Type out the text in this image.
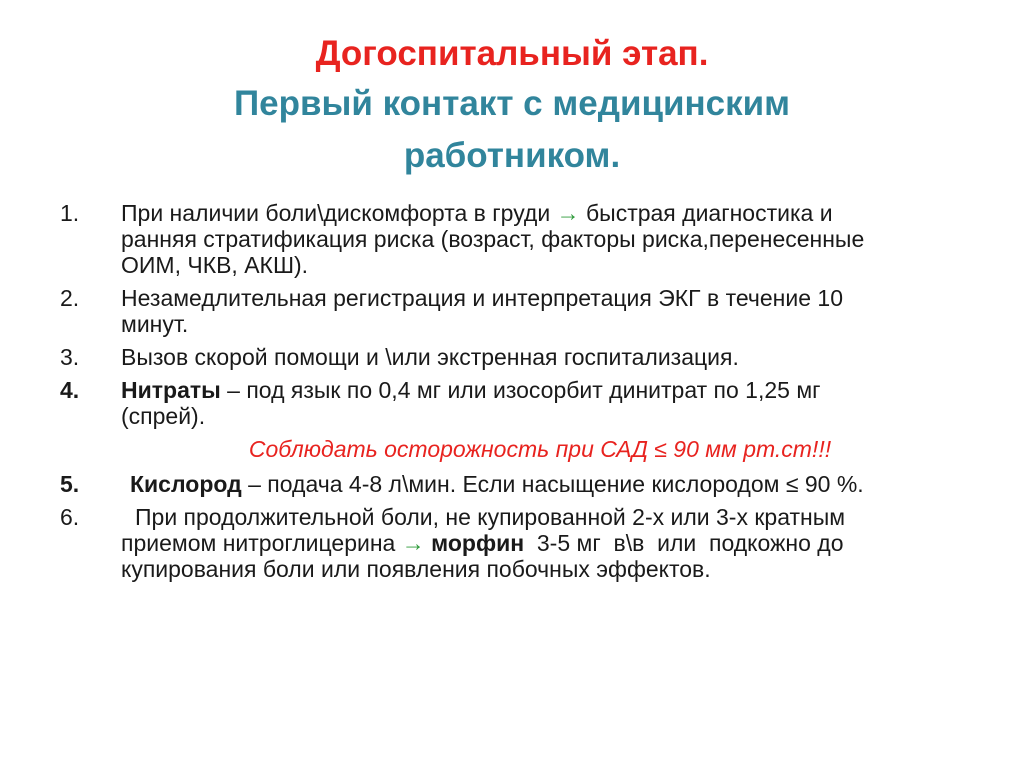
Догоспитальный этап.
Первый контакт с медицинским
работником.
1. При наличии боли\дискомфорта в груди → быстрая диагностика и
ранняя стратификация риска (возраст, факторы риска,перенесенные
ОИМ, ЧКВ, АКШ).
2. Незамедлительная регистрация и интерпретация ЭКГ в течение 10
минут.
3. Вызов скорой помощи и \или экстренная госпитализация.
4. Нитраты – под язык по 0,4 мг или изосорбит динитрат по 1,25 мг
(спрей).
Соблюдать осторожность при САД ≤ 90 мм рт.ст!!!
5.	Кислород – подача 4-8 л\мин. Если насыщение кислородом ≤ 90 %.
6.	При продолжительной боли, не купированной 2-х или 3-х кратным
приемом нитроглицерина → морфин  3-5 мг  в\в  или  подкожно до
купирования боли или появления побочных эффектов.
